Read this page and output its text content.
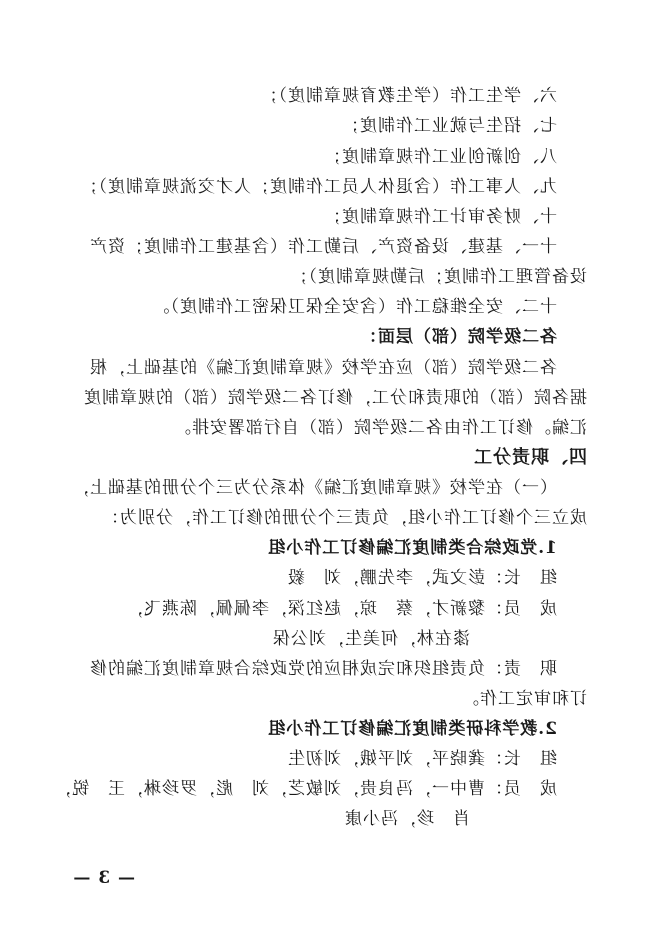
六、学生工作（学生教育规章制度）；
七、招生与就业工作制度；
八、创新创业工作规章制度；
九、人事工作（含退休人员工作制度；人才交流规章制度）；
十、财务审计工作规章制度；
十一、基建、设备资产、后勤工作（含基建工作制度；资产
设备管理工作制度；后勤规章制度）；
十二、安全维稳工作（含安全保卫保密工作制度）。
各二级学院（部）层面：
各二级学院（部）应在学校《规章制度汇编》的基础上，根
据各院（部）的职责和分工，修订各二级学院（部）的规章制度
汇编。修订工作由各二级学院（部）自行部署安排。
四、职责分工
（一）在学校《规章制度汇编》体系分为三个分册的基础上，
成立三个修订工作小组，负责三个分册的修订工作，分别为：
1.党政综合类制度汇编修订工作小组
组　长：彭文武，李先鹏，刘　毅
成　员：黎新才，蔡　琼，赵红深，李佩佩，陈燕飞，
漆在林，何美生，刘公保
职　责：负责组织和完成相应的党政综合规章制度汇编的修
订和审定工作。
2.教学科研类制度汇编修订工作小组
组　长：龚晓平，刘平娥，刘初生
成　员：曹中一，冯良贵，刘敏芝，刘　彪，罗珍琳，王　锐，
肖　珍，冯小康
— 3 —
